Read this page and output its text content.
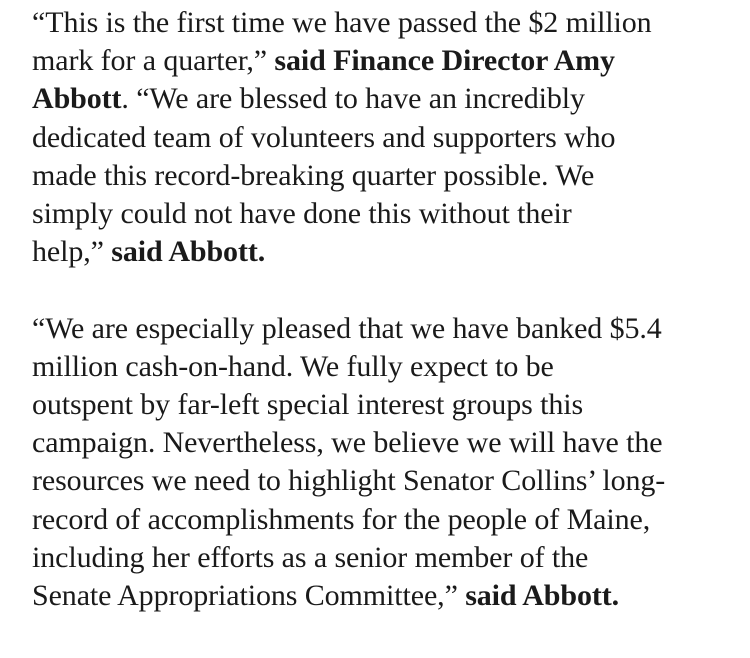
“This is the first time we have passed the $2 million
mark for a quarter,” said Finance Director Amy
Abbott. “We are blessed to have an incredibly
dedicated team of volunteers and supporters who
made this record-breaking quarter possible. We
simply could not have done this without their
help,” said Abbott.
“We are especially pleased that we have banked $5.4
million cash-on-hand. We fully expect to be
outspent by far-left special interest groups this
campaign. Nevertheless, we believe we will have the
resources we need to highlight Senator Collins’ long-
record of accomplishments for the people of Maine,
including her efforts as a senior member of the
Senate Appropriations Committee,” said Abbott.
